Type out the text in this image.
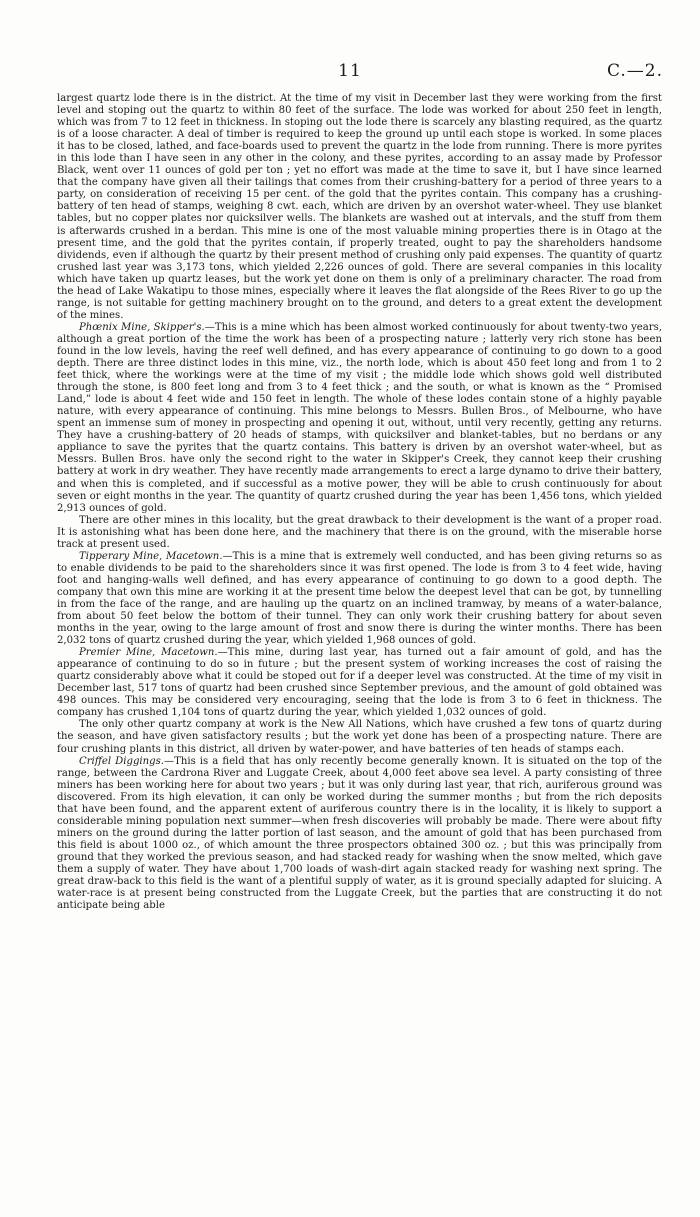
11	C.—2.

largest quartz lode there is in the district. At the time of my visit in December last they were working from the first level and stoping out the quartz to within 80 feet of the surface. The lode was worked for about 250 feet in length, which was from 7 to 12 feet in thickness. In stoping out the lode there is scarcely any blasting required, as the quartz is of a loose character. A deal of timber is required to keep the ground up until each stope is worked. In some places it has to be closed, lathed, and face-boards used to prevent the quartz in the lode from running. There is more pyrites in this lode than I have seen in any other in the colony, and these pyrites, according to an assay made by Professor Black, went over 11 ounces of gold per ton ; yet no effort was made at the time to save it, but I have since learned that the company have given all their tailings that comes from their crushing-battery for a period of three years to a party, on consideration of receiving 15 per cent. of the gold that the pyrites contain. This company has a crushing-battery of ten head of stamps, weighing 8 cwt. each, which are driven by an overshot water-wheel. They use blanket tables, but no copper plates nor quicksilver wells. The blankets are washed out at intervals, and the stuff from them is afterwards crushed in a berdan. This mine is one of the most valuable mining properties there is in Otago at the present time, and the gold that the pyrites contain, if properly treated, ought to pay the shareholders handsome dividends, even if although the quartz by their present method of crushing only paid expenses. The quantity of quartz crushed last year was 3,173 tons, which yielded 2,226 ounces of gold. There are several companies in this locality which have taken up quartz leases, but the work yet done on them is only of a preliminary character. The road from the head of Lake Wakatipu to those mines, especially where it leaves the flat alongside of the Rees River to go up the range, is not suitable for getting machinery brought on to the ground, and deters to a great extent the development of the mines.

Phœnix Mine, Skipper's.—This is a mine which has been almost worked continuously for about twenty-two years, although a great portion of the time the work has been of a prospecting nature ; latterly very rich stone has been found in the low levels, having the reef well defined, and has every appearance of continuing to go down to a good depth. There are three distinct lodes in this mine, viz., the north lode, which is about 450 feet long and from 1 to 2 feet thick, where the workings were at the time of my visit ; the middle lode which shows gold well distributed through the stone, is 800 feet long and from 3 to 4 feet thick ; and the south, or what is known as the “ Promised Land,” lode is about 4 feet wide and 150 feet in length. The whole of these lodes contain stone of a highly payable nature, with every appearance of continuing. This mine belongs to Messrs. Bullen Bros., of Melbourne, who have spent an immense sum of money in prospecting and opening it out, without, until very recently, getting any returns. They have a crushing-battery of 20 heads of stamps, with quicksilver and blanket-tables, but no berdans or any appliance to save the pyrites that the quartz contains. This battery is driven by an overshot water-wheel, but as Messrs. Bullen Bros. have only the second right to the water in Skipper's Creek, they cannot keep their crushing battery at work in dry weather. They have recently made arrangements to erect a large dynamo to drive their battery, and when this is completed, and if successful as a motive power, they will be able to crush continuously for about seven or eight months in the year. The quantity of quartz crushed during the year has been 1,456 tons, which yielded 2,913 ounces of gold.

There are other mines in this locality, but the great drawback to their development is the want of a proper road. It is astonishing what has been done here, and the machinery that there is on the ground, with the miserable horse track at present used.

Tipperary Mine, Macetown.—This is a mine that is extremely well conducted, and has been giving returns so as to enable dividends to be paid to the shareholders since it was first opened. The lode is from 3 to 4 feet wide, having foot and hanging-walls well defined, and has every appearance of continuing to go down to a good depth. The company that own this mine are working it at the present time below the deepest level that can be got, by tunnelling in from the face of the range, and are hauling up the quartz on an inclined tramway, by means of a water-balance, from about 50 feet below the bottom of their tunnel. They can only work their crushing battery for about seven months in the year, owing to the large amount of frost and snow there is during the winter months. There has been 2,032 tons of quartz crushed during the year, which yielded 1,968 ounces of gold.

Premier Mine, Macetown.—This mine, during last year, has turned out a fair amount of gold, and has the appearance of continuing to do so in future ; but the present system of working increases the cost of raising the quartz considerably above what it could be stoped out for if a deeper level was constructed. At the time of my visit in December last, 517 tons of quartz had been crushed since September previous, and the amount of gold obtained was 498 ounces. This may be considered very encouraging, seeing that the lode is from 3 to 6 feet in thickness. The company has crushed 1,104 tons of quartz during the year, which yielded 1,032 ounces of gold.

The only other quartz company at work is the New All Nations, which have crushed a few tons of quartz during the season, and have given satisfactory results ; but the work yet done has been of a prospecting nature. There are four crushing plants in this district, all driven by water-power, and have batteries of ten heads of stamps each.

Criffel Diggings.—This is a field that has only recently become generally known. It is situated on the top of the range, between the Cardrona River and Luggate Creek, about 4,000 feet above sea level. A party consisting of three miners has been working here for about two years ; but it was only during last year, that rich, auriferous ground was discovered. From its high elevation, it can only be worked during the summer months ; but from the rich deposits that have been found, and the apparent extent of auriferous country there is in the locality, it is likely to support a considerable mining population next summer—when fresh discoveries will probably be made. There were about fifty miners on the ground during the latter portion of last season, and the amount of gold that has been purchased from this field is about 1000 oz., of which amount the three prospectors obtained 300 oz. ; but this was principally from ground that they worked the previous season, and had stacked ready for washing when the snow melted, which gave them a supply of water. They have about 1,700 loads of wash-dirt again stacked ready for washing next spring. The great draw-back to this field is the want of a plentiful supply of water, as it is ground specially adapted for sluicing. A water-race is at present being constructed from the Luggate Creek, but the parties that are constructing it do not anticipate being able
